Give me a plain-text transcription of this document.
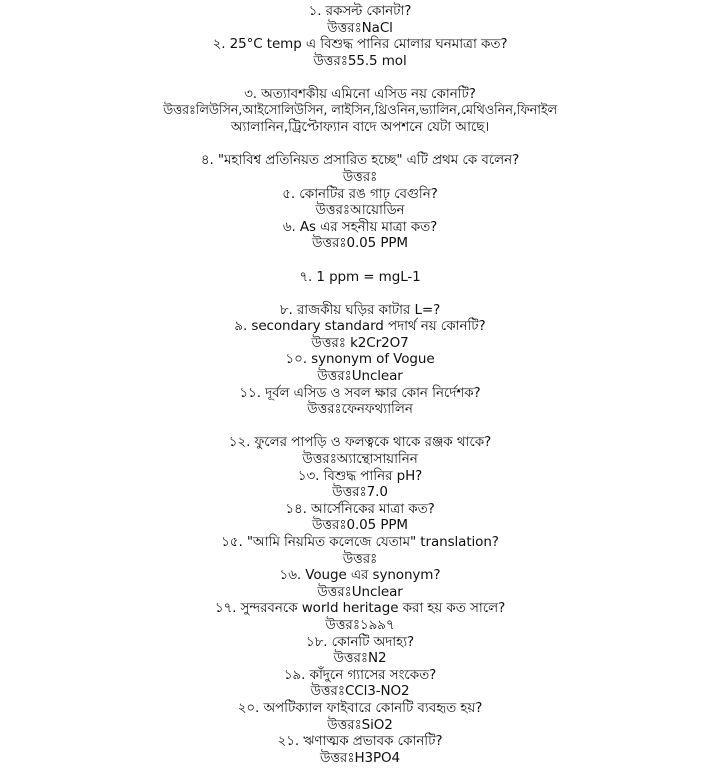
১. রকসল্ট কোনটা?
উত্তরঃNaCl
২. 25°C temp এ বিশুদ্ধ পানির মোলার ঘনমাত্রা কত?
উত্তরঃ55.5 mol
৩. অত্যাবশকীয় এমিনো এসিড নয় কোনটি?
উত্তরঃলিউসিন,আইসোলিউসিন, লাইসিন,থ্রিওনিন,ভ্যালিন,মেথিওনিন,ফিনাইল
অ্যালানিন,ট্রিপ্টোফ্যান বাদে অপশনে যেটা আছে।
৪. "মহাবিশ্ব প্রতিনিয়ত প্রসারিত হচ্ছে" এটি প্রথম কে বলেন?
উত্তরঃ
৫. কোনটির রঙ গাঢ় বেগুনি?
উত্তরঃআয়োডিন
৬. As এর সহনীয় মাত্রা কত?
উত্তরঃ0.05 PPM
৭. 1 ppm = mgL-1
৮. রাজকীয় ঘড়ির কাটার L=?
৯. secondary standard পদার্থ নয় কোনটি?
উত্তরঃ k2Cr2O7
১০. synonym of Vogue
উত্তরঃUnclear
১১. দূর্বল এসিড ও সবল ক্ষার কোন নির্দেশক?
উত্তরঃফেনফথ্যালিন
১২. ফুলের পাপড়ি ও ফলত্বকে থাকে রঞ্জক থাকে?
উত্তরঃঅ্যান্থোসায়ানিন
১৩. বিশুদ্ধ পানির pH?
উত্তরঃ7.0
১৪. আর্সেনিকের মাত্রা কত?
উত্তরঃ0.05 PPM
১৫. "আমি নিয়মিত কলেজে যেতাম" translation?
উত্তরঃ
১৬. Vouge এর synonym?
উত্তরঃUnclear
১৭. সুন্দরবনকে world heritage করা হয় কত সালে?
উত্তরঃ১৯৯৭
১৮. কোনটি অদাহ্য?
উত্তরঃN2
১৯. কাঁদুনে গ্যাসের সংকেত?
উত্তরঃCCl3-NO2
২০. অপটিক্যাল ফাইবারে কোনটি ব্যবহৃত হয়?
উত্তরঃSiO2
২১. ঋণাত্মক প্রভাবক কোনটি?
উত্তরঃH3PO4
